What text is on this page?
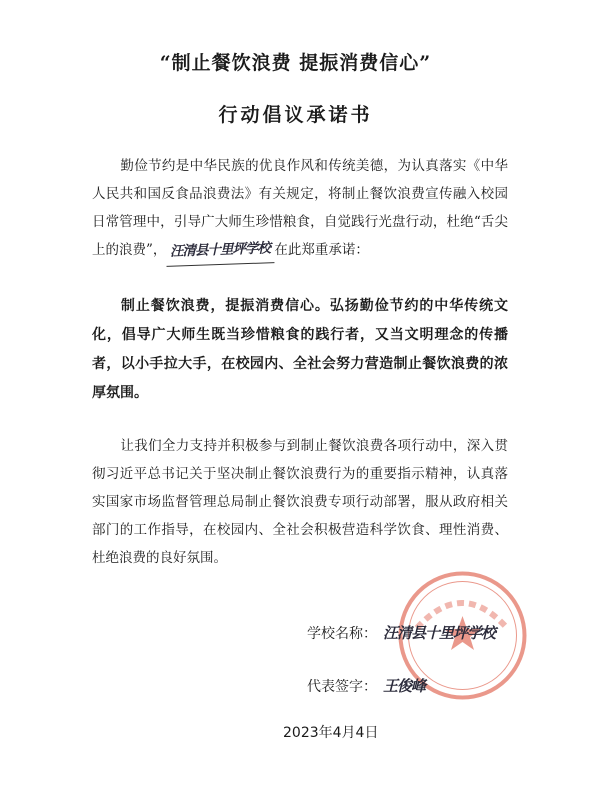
“制止餐饮浪费 提振消费信心”
行动倡议承诺书
勤俭节约是中华民族的优良作风和传统美德，为认真落实《中华人民共和国反食品浪费法》有关规定，将制止餐饮浪费宣传融入校园日常管理中，引导广大师生珍惜粮食，自觉践行光盘行动，杜绝“舌尖上的浪费”， 汪清县十里坪学校 在此郑重承诺：
制止餐饮浪费，提振消费信心。弘扬勤俭节约的中华传统文化，倡导广大师生既当珍惜粮食的践行者，又当文明理念的传播者，以小手拉大手，在校园内、全社会努力营造制止餐饮浪费的浓厚氛围。
让我们全力支持并积极参与到制止餐饮浪费各项行动中，深入贯彻习近平总书记关于坚决制止餐饮浪费行为的重要指示精神，认真落实国家市场监督管理总局制止餐饮浪费专项行动部署，服从政府相关部门的工作指导，在校园内、全社会积极营造科学饮食、理性消费、杜绝浪费的良好氛围。
学校名称： 汪清县十里坪学校
代表签字： 王俊峰
2023年4月4日
